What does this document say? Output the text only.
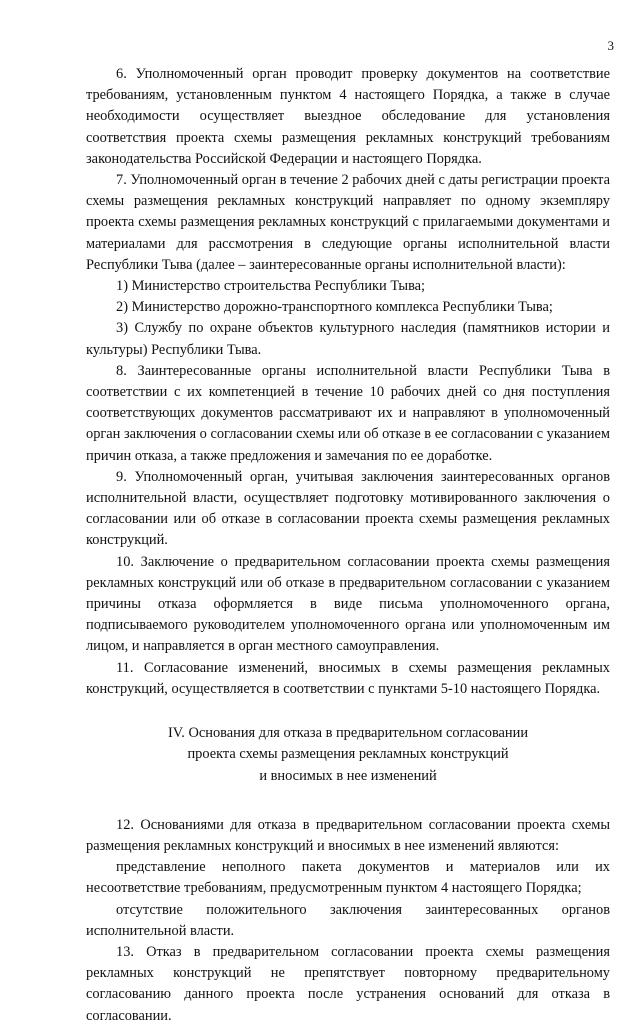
3

6. Уполномоченный орган проводит проверку документов на соответствие требованиям, установленным пунктом 4 настоящего Порядка, а также в случае необходимости осуществляет выездное обследование для установления соответствия проекта схемы размещения рекламных конструкций требованиям законодательства Российской Федерации и настоящего Порядка.

7. Уполномоченный орган в течение 2 рабочих дней с даты регистрации проекта схемы размещения рекламных конструкций направляет по одному экземпляру проекта схемы размещения рекламных конструкций с прилагаемыми документами и материалами для рассмотрения в следующие органы исполнительной власти Республики Тыва (далее – заинтересованные органы исполнительной власти):

1) Министерство строительства Республики Тыва;

2) Министерство дорожно-транспортного комплекса Республики Тыва;

3) Службу по охране объектов культурного наследия (памятников истории и культуры) Республики Тыва.

8. Заинтересованные органы исполнительной власти Республики Тыва в соответствии с их компетенцией в течение 10 рабочих дней со дня поступления соответствующих документов рассматривают их и направляют в уполномоченный орган заключения о согласовании схемы или об отказе в ее согласовании с указанием причин отказа, а также предложения и замечания по ее доработке.

9. Уполномоченный орган, учитывая заключения заинтересованных органов исполнительной власти, осуществляет подготовку мотивированного заключения о согласовании или об отказе в согласовании проекта схемы размещения рекламных конструкций.

10. Заключение о предварительном согласовании проекта схемы размещения рекламных конструкций или об отказе в предварительном согласовании с указанием причины отказа оформляется в виде письма уполномоченного органа, подписываемого руководителем уполномоченного органа или уполномоченным им лицом, и направляется в орган местного самоуправления.

11. Согласование изменений, вносимых в схемы размещения рекламных конструкций, осуществляется в соответствии с пунктами 5-10 настоящего Порядка.

IV. Основания для отказа в предварительном согласовании
проекта схемы размещения рекламных конструкций
и вносимых в нее изменений

12. Основаниями для отказа в предварительном согласовании проекта схемы размещения рекламных конструкций и вносимых в нее изменений являются:

представление неполного пакета документов и материалов или их несоответствие требованиям, предусмотренным пунктом 4 настоящего Порядка;

отсутствие положительного заключения заинтересованных органов исполнительной власти.

13. Отказ в предварительном согласовании проекта схемы размещения рекламных конструкций не препятствует повторному предварительному согласованию данного проекта после устранения оснований для отказа в согласовании.
